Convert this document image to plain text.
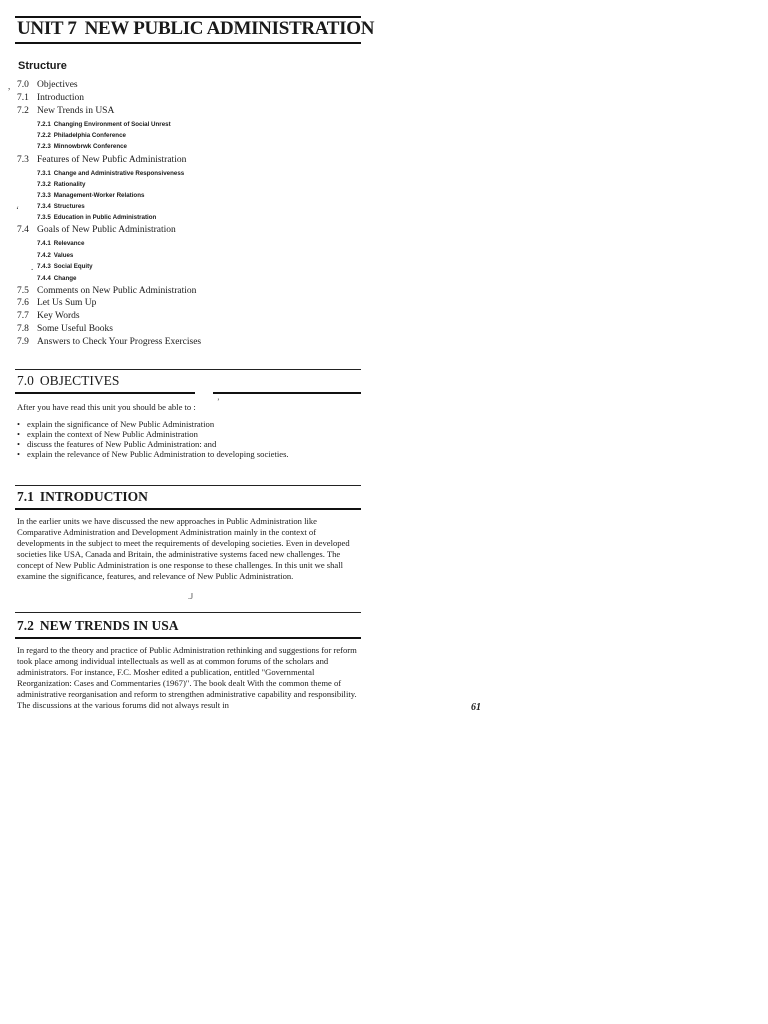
UNIT 7 NEW PUBLIC ADMINISTRATION
Structure
, 7.0 Objectives
7.1 Introduction
7.2 New Trends in USA
7.2.1 Changing Environment of Social Unrest
7.2.2 Philadelphia Conference
7.2.3 Minnowbrwk Conference
7.3 Features of New Pubfic Administration
7.3.1 Change and Administrative Responsiveness
7.3.2 Rationality
7.3.3 Management-Worker Relations
7.3.4 Structures
‘
7.3.5 Education in Public Administration
7.4 Goals of New Public Administration
7.4.1 Relevance
7.4.2 Values
. 7.4.3 Social Equity
7.4.4 Change
7.5 Comments on New Public Administration
7.6 Let Us Sum Up
7.7 Key Words
7.8 Some Useful Books
7.9 Answers to Check Your Progress Exercises
7.0 OBJECTIVES
After you have read this unit you should be able to :
’
• explain the significance of New Public Administration
• explain the context of New Public Administration
• discuss the features of New Public Administration: and
• explain the relevance of New Public Administration to developing societies.
7.1 INTRODUCTION
In the earlier units we have discussed the new approaches in Public Administration like Comparative Administration and Development Administration mainly in the context of developments in the subject to meet the requirements of developing societies. Even in developed societies like USA, Canada and Britain, the administrative systems faced new challenges. The concept of New Public Administration is one response to these challenges. In this unit we shall examine the significance, features, and relevance of New Public Administration.
.J
7.2 NEW TRENDS IN USA
In regard to the theory and practice of Public Administration rethinking and suggestions for reform took place among individual intellectuals as well as at common forums of the scholars and administrators. For instance, F.C. Mosher edited a publication, entitled "Governmental Reorganization: Cases and Commentaries (1967)". The book dealt With the common theme of administrative reorganisation and reform to strengthen administrative capability and responsibility. The discussions at the various forums did not always result in	61
